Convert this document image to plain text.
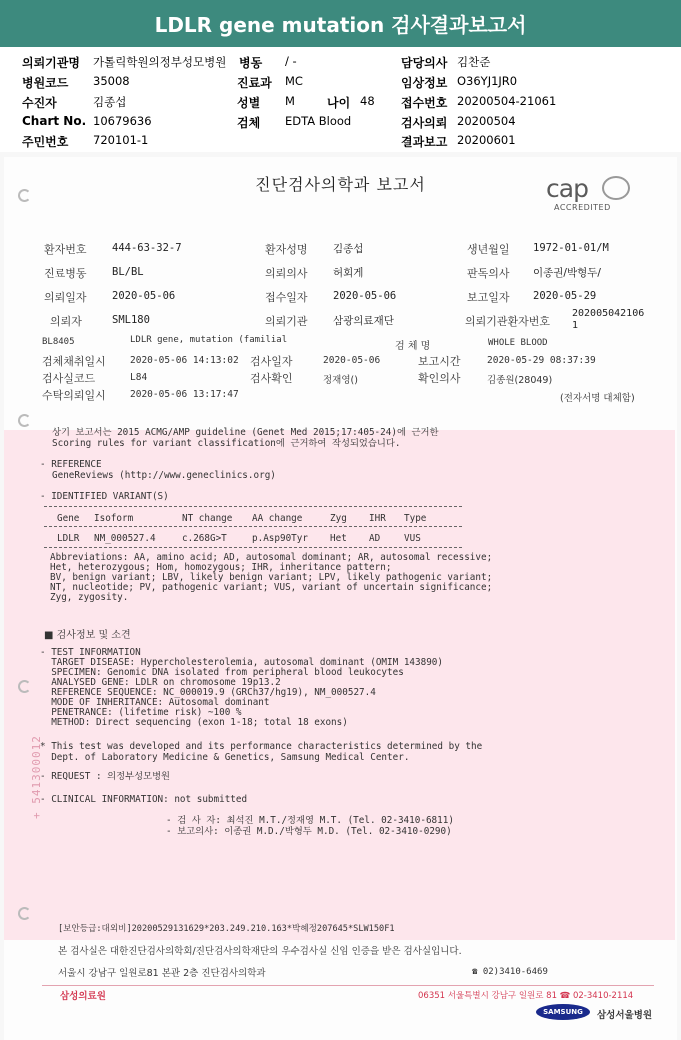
LDLR gene mutation 검사결과보고서
의뢰기관명 가톨릭학원의정부성모병원 병동 / -	담당의사 김찬준
병원코드 35008	진료과 MC	임상정보 O36YJ1JR0
수진자	김종섭	성별 M	나이 48 접수번호 20200504-21061
Chart No. 10679636	검체 EDTA Blood	검사의뢰 20200504
주민번호 720101-1	결과보고 20200601
진단검사의학과 보고서	cap
ACCREDITED
환자번호 444-63-32-7	환자성명 김종섭	생년월일 1972-01-01/M
진료병동 BL/BL	의뢰의사 허회게	판독의사 이종권/박형두/
의뢰일자 2020-05-06	접수일자 2020-05-06	보고일자 2020-05-29
의뢰자	SML180	의뢰기관 삼광의료재단	의뢰기관환자번호
202005042106
1
BL8405	LDLR gene, mutation (familial
검 체 명	WHOLE BLOOD
검체채취일시	2020-05-06 14:13:02 검사일자	2020-05-06	보고시간	2020-05-29 08:37:39
검사실코드	L84	검사확인	정재영()	확인의사	김종원(28049)
수탁의뢰일시	2020-05-06 13:17:47	(전자서명 대체함)
상기 보고서는 2015 ACMG/AMP guideline (Genet Med 2015;17:405-24)에 근거한
Scoring rules for variant classification에 근거하여 작성되었습니다.
- REFERENCE
GeneReviews (http://www.geneclinics.org)
- IDENTIFIED VARIANT(S)
Gene Isoform	NT change AA change	Zyg IHR Type
LDLR NM_000527.4	c.268G>T	p.Asp90Tyr Het AD	VUS
Abbreviations: AA, amino acid; AD, autosomal dominant; AR, autosomal recessive;
Het, heterozygous; Hom, homozygous; IHR, inheritance pattern;
BV, benign variant; LBV, likely benign variant; LPV, likely pathogenic variant;
NT, nucleotide; PV, pathogenic variant; VUS, variant of uncertain significance;
Zyg, zygosity.
■ 검사정보 및 소견
- TEST INFORMATION
TARGET DISEASE: Hypercholesterolemia, autosomal dominant (OMIM 143890)
SPECIMEN: Genomic DNA isolated from peripheral blood leukocytes
ANALYSED GENE: LDLR on chromosome 19p13.2
REFERENCE SEQUENCE: NC_000019.9 (GRCh37/hg19), NM_000527.4
MODE OF INHERITANCE: Autosomal dominant
PENETRANCE: (lifetime risk) ~100 %
METHOD: Direct sequencing (exon 1-18; total 18 exons)
* This test was developed and its performance characteristics determined by the
Dept. of Laboratory Medicine & Genetics, Samsung Medical Center.
- REQUEST : 의정부성모병원
- CLINICAL INFORMATION: not submitted
- 검 사 자: 최석진 M.T./정재영 M.T. (Tel. 02-3410-6811)
- 보고의사: 이종권 M.D./박형두 M.D. (Tel. 02-3410-0290)
+ 541300012
[보안등급:대외비]20200529131629*203.249.210.163*박혜정207645*SLW150F1
본 검사실은 대한진단검사의학회/진단검사의학재단의 우수검사실 신임 인증을 받은 검사실입니다.
서울시 강남구 일원로81 본관 2층 진단검사의학과	☎ 02)3410-6469
삼성의료원	06351 서울특별시 강남구 일원로 81 ☎ 02-3410-2114
SAMSUNG 삼성서울병원
